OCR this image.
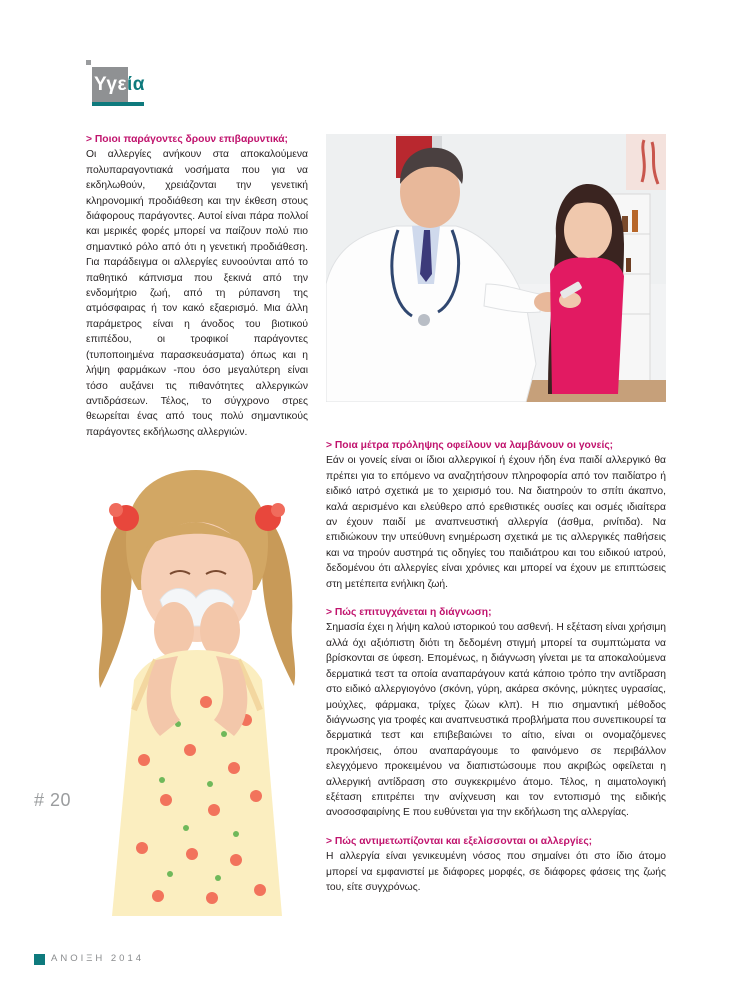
Υγεία

> Ποιοι παράγοντες δρουν επιβαρυντικά;

Οι αλλεργίες ανήκουν στα αποκαλούμενα πολυπαραγοντιακά νοσήματα που για να εκδηλωθούν, χρειάζονται την γενετική κληρονομική προδιάθεση και την έκθεση στους διάφορους παράγοντες. Αυτοί είναι πάρα πολλοί και μερικές φορές μπορεί να παίζουν πολύ πιο σημαντικό ρόλο από ότι η γενετική προδιάθεση. Για παράδειγμα οι αλλεργίες ευνοούνται από το παθητικό κάπνισμα που ξεκινά από την ενδομήτριο ζωή, από τη ρύπανση της ατμόσφαιρας ή τον κακό εξαερισμό. Μια άλλη παράμετρος είναι η άνοδος του βιοτικού επιπέδου, οι τροφικοί παράγοντες (τυποποιημένα παρασκευάσματα) όπως και η λήψη φαρμάκων -που όσο μεγαλύτερη είναι τόσο αυξάνει τις πιθανότητες αλλεργικών αντιδράσεων. Τέλος, το σύγχρονο στρες θεωρείται ένας από τους πολύ σημαντικούς παράγοντες εκδήλωσης αλλεργιών.

> Ποια μέτρα πρόληψης οφείλουν να λαμβάνουν οι γονείς;

Εάν οι γονείς είναι οι ίδιοι αλλεργικοί ή έχουν ήδη ένα παιδί αλλεργικό θα πρέπει για το επόμενο να αναζητήσουν πληροφορία από τον παιδίατρο ή ειδικό ιατρό σχετικά με το χειρισμό του. Να διατηρούν το σπίτι άκαπνο, καλά αερισμένο και ελεύθερο από ερεθιστικές ουσίες και οσμές ιδιαίτερα αν έχουν παιδί με αναπνευστική αλλεργία (άσθμα, ρινίτιδα). Να επιδιώκουν την υπεύθυνη ενημέρωση σχετικά με τις αλλεργικές παθήσεις και να τηρούν αυστηρά τις οδηγίες του παιδιάτρου και του ειδικού ιατρού, δεδομένου ότι αλλεργίες είναι χρόνιες και μπορεί να έχουν με επιπτώσεις στη μετέπειτα ενήλικη ζωή.

> Πώς επιτυγχάνεται η διάγνωση;

Σημασία έχει η λήψη καλού ιστορικού του ασθενή. Η εξέταση είναι χρήσιμη αλλά όχι αξιόπιστη διότι τη δεδομένη στιγμή μπορεί τα συμπτώματα να βρίσκονται σε ύφεση. Επομένως, η διάγνωση γίνεται με τα αποκαλούμενα δερματικά τεστ τα οποία αναπαράγουν κατά κάποιο τρόπο την αντίδραση στο ειδικό αλλεργιογόνο (σκόνη, γύρη, ακάρεα σκόνης, μύκητες υγρασίας, μούχλες, φάρμακα, τρίχες ζώων κλπ). Η πιο σημαντική μέθοδος διάγνωσης για τροφές και αναπνευστικά προβλήματα που συνεπικουρεί τα δερματικά τεστ και επιβεβαιώνει το αίτιο, είναι οι ονομαζόμενες προκλήσεις, όπου αναπαράγουμε το φαινόμενο σε περιβάλλον ελεγχόμενο προκειμένου να διαπιστώσουμε που ακριβώς οφείλεται η αλλεργική αντίδραση στο συγκεκριμένο άτομο. Τέλος, η αιματολογική εξέταση επιτρέπει την ανίχνευση και τον εντοπισμό της ειδικής ανοσοσφαιρίνης Ε που ευθύνεται για την εκδήλωση της αλλεργίας.

> Πώς αντιμετωπίζονται και εξελίσσονται οι αλλεργίες;

Η αλλεργία είναι γενικευμένη νόσος που σημαίνει ότι στο ίδιο άτομο μπορεί να εμφανιστεί με διάφορες μορφές, σε διάφορες φάσεις της ζωής του, είτε συγχρόνως.

# 20
ΑΝΟΙΞΗ 2014
